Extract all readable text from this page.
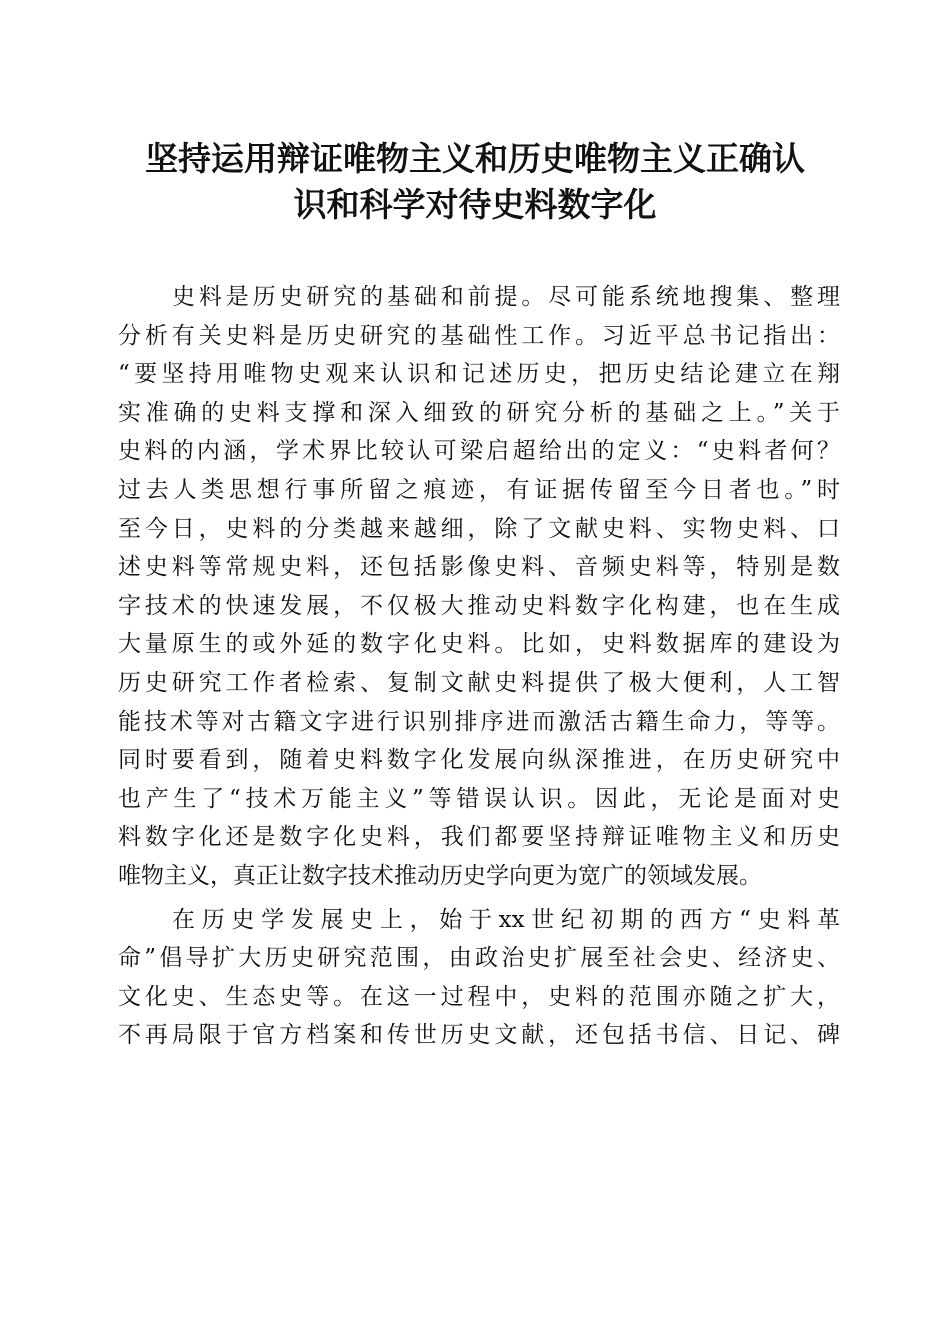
坚持运用辩证唯物主义和历史唯物主义正确认
识和科学对待史料数字化
史料是历史研究的基础和前提。尽可能系统地搜集、整理
分析有关史料是历史研究的基础性工作。习近平总书记指出：
“要坚持用唯物史观来认识和记述历史，把历史结论建立在翔
实准确的史料支撑和深入细致的研究分析的基础之上。”关于
史料的内涵，学术界比较认可梁启超给出的定义：“史料者何？
过去人类思想行事所留之痕迹，有证据传留至今日者也。”时
至今日，史料的分类越来越细，除了文献史料、实物史料、口
述史料等常规史料，还包括影像史料、音频史料等，特别是数
字技术的快速发展，不仅极大推动史料数字化构建，也在生成
大量原生的或外延的数字化史料。比如，史料数据库的建设为
历史研究工作者检索、复制文献史料提供了极大便利，人工智
能技术等对古籍文字进行识别排序进而激活古籍生命力，等等。
同时要看到，随着史料数字化发展向纵深推进，在历史研究中
也产生了“技术万能主义”等错误认识。因此，无论是面对史
料数字化还是数字化史料，我们都要坚持辩证唯物主义和历史
唯物主义，真正让数字技术推动历史学向更为宽广的领域发展。
在历史学发展史上，始于xx世纪初期的西方“史料革
命”倡导扩大历史研究范围，由政治史扩展至社会史、经济史、
文化史、生态史等。在这一过程中，史料的范围亦随之扩大，
不再局限于官方档案和传世历史文献，还包括书信、日记、碑
